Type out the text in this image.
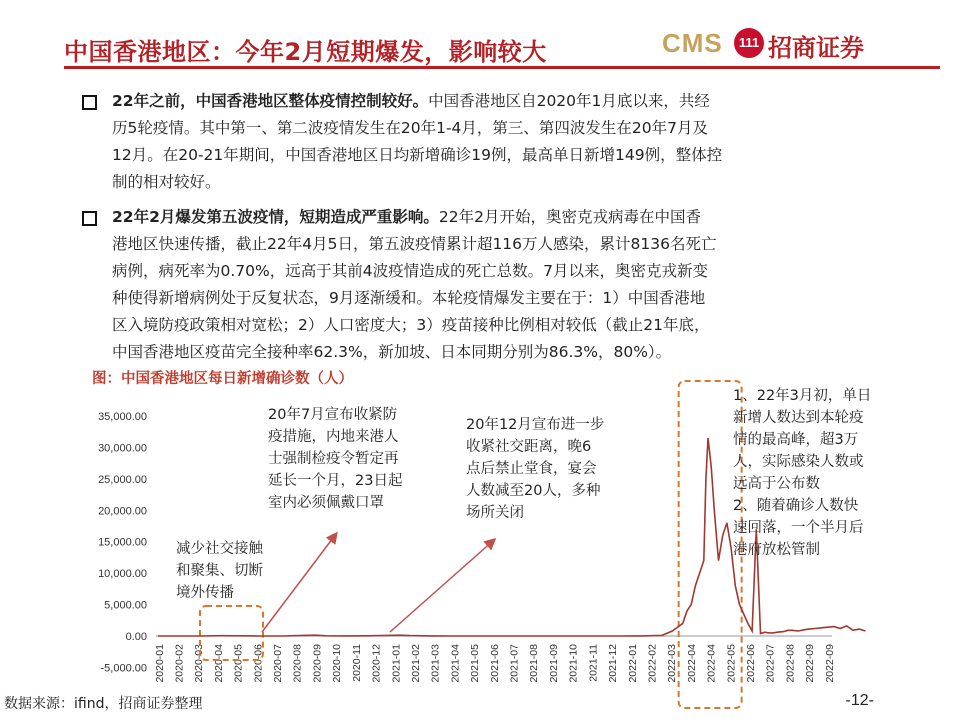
中国香港地区：今年2月短期爆发，影响较大	CMS	111 招商证券
22年之前，中国香港地区整体疫情控制较好。中国香港地区自2020年1月底以来，共经
历5轮疫情。其中第一、第二波疫情发生在20年1-4月，第三、第四波发生在20年7月及
12月。在20-21年期间，中国香港地区日均新增确诊19例，最高单日新增149例，整体控
制的相对较好。
22年2月爆发第五波疫情，短期造成严重影响。22年2月开始，奥密克戎病毒在中国香
港地区快速传播，截止22年4月5日，第五波疫情累计超116万人感染，累计8136名死亡
病例，病死率为0.70%，远高于其前4波疫情造成的死亡总数。7月以来，奥密克戎新变
种使得新增病例处于反复状态，9月逐渐缓和。本轮疫情爆发主要在于：1）中国香港地
区入境防疫政策相对宽松；2）人口密度大；3）疫苗接种比例相对较低（截止21年底，
中国香港地区疫苗完全接种率62.3%，新加坡、日本同期分别为86.3%，80%）。
图：中国香港地区每日新增确诊数（人）
-5,000.00
0.00
5,000.00
10,000.00
15,000.00
20,000.00
25,000.00
30,000.00
35,000.00
2020-01 2020-02 2020-03 2020-04 2020-05 2020-06 2020-07 2020-08 2020-09 2020-10 2020-11 2020-12 2021-01 2021-02 2021-03 2021-04 2021-05 2021-06 2021-07 2021-08 2021-09 2021-10 2021-11 2021-12 2022-01 2022-02 2022-03 2022-04 2022-04 2022-05 2022-06 2022-07 2022-08 2022-09 2022-09
减少社交接触
和聚集、切断
境外传播
20年7月宣布收紧防
疫措施，内地来港人
士强制检疫令暂定再
延长一个月，23日起
室内必须佩戴口罩
20年12月宣布进一步
收紧社交距离，晚6
点后禁止堂食，宴会
人数减至20人，多种
场所关闭
1、22年3月初，单日
新增人数达到本轮疫
情的最高峰，超3万
人，实际感染人数或
远高于公布数
2、随着确诊人数快
速回落，一个半月后
港府放松管制
数据来源：ifind，招商证券整理	-12-
